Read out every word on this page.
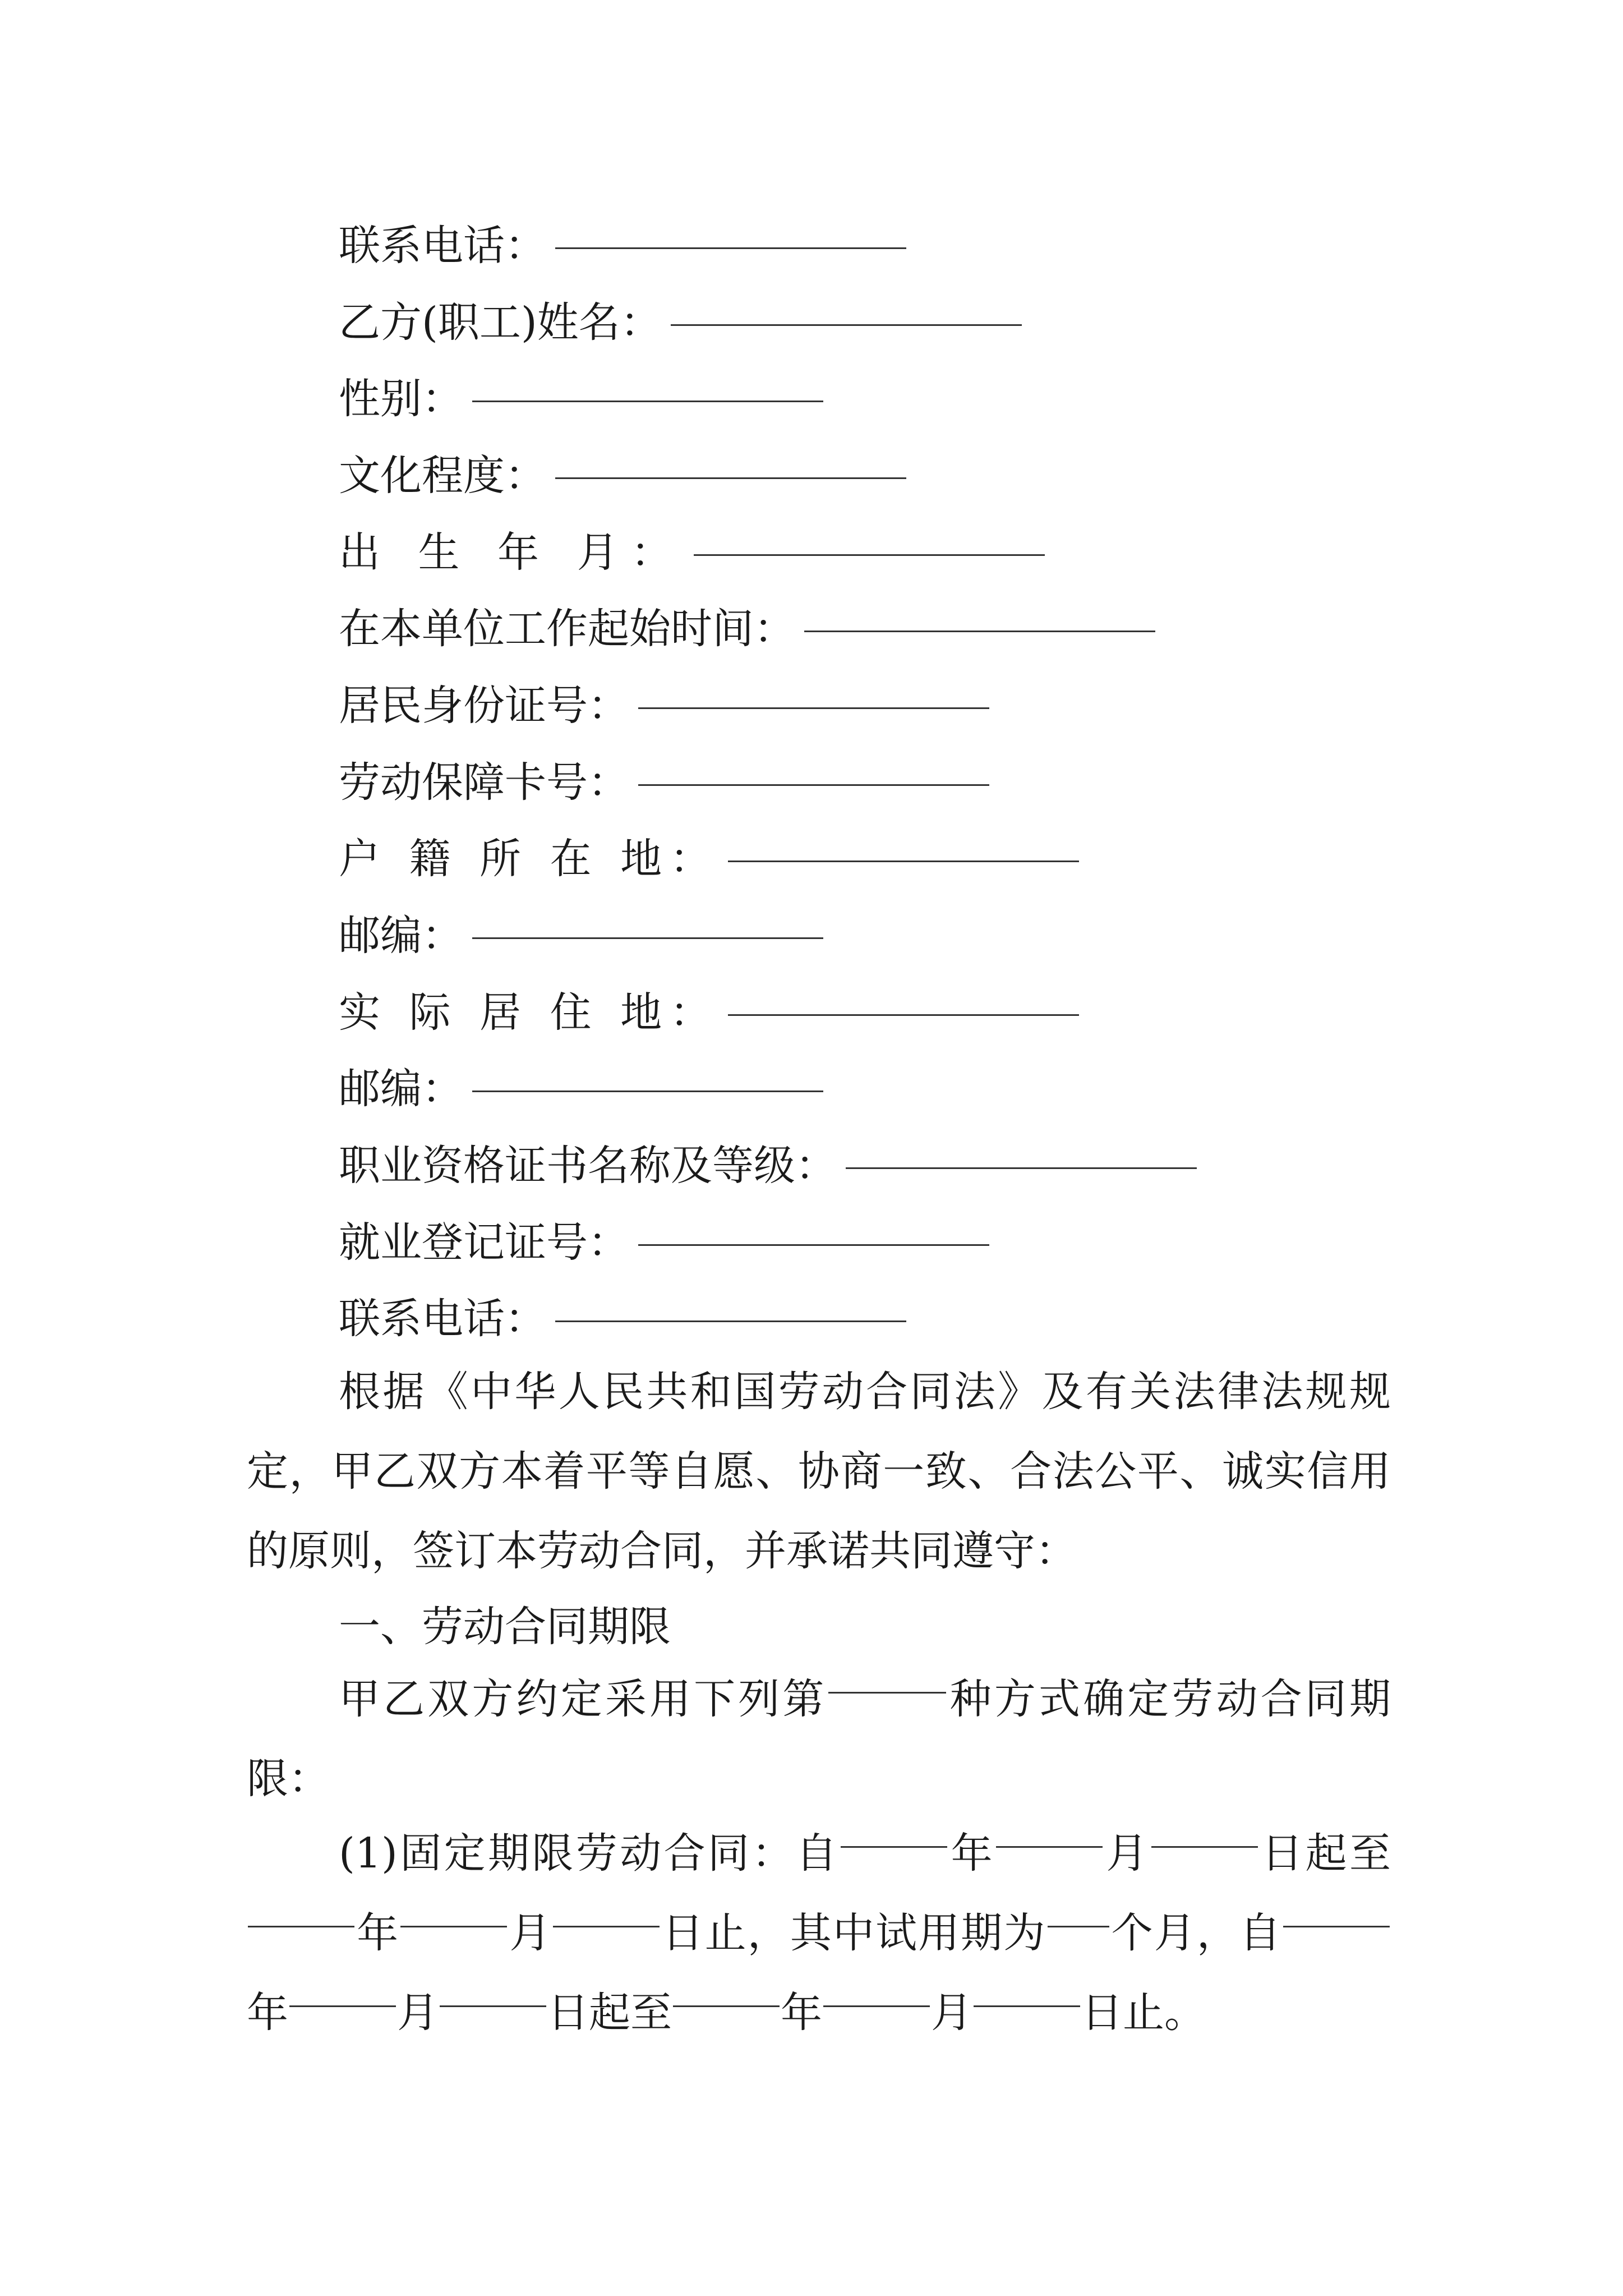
联系电话：
乙方(职工)姓名：
性别：
文化程度：
出 生 年 月：
在本单位工作起始时间：
居民身份证号：
劳动保障卡号：
户 籍 所 在 地：
邮编：
实 际 居 住 地：
邮编：
职业资格证书名称及等级：
就业登记证号：
联系电话：
根据《中华人民共和国劳动合同法》及有关法律法规规定，甲乙双方本着平等自愿、协商一致、合法公平、诚实信用的原则，签订本劳动合同，并承诺共同遵守：
一、劳动合同期限
甲乙双方约定采用下列第	种方式确定劳动合同期限：
(1)固定期限劳动合同：自	年	月	日起至年	月	日止，其中试用期为 个月，自年	月	日起至	年	月	日止。
